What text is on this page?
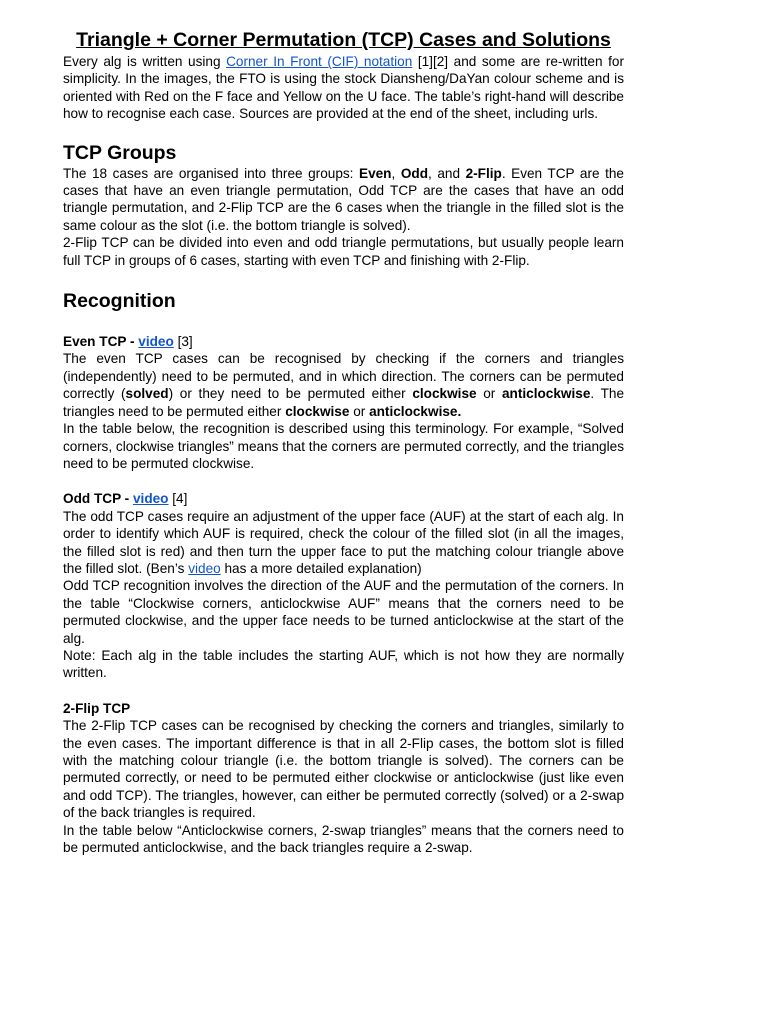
Triangle + Corner Permutation (TCP) Cases and Solutions

Every alg is written using Corner In Front (CIF) notation [1][2] and some are re-written for simplicity. In the images, the FTO is using the stock Diansheng/DaYan colour scheme and is oriented with Red on the F face and Yellow on the U face. The table’s right-hand will describe how to recognise each case. Sources are provided at the end of the sheet, including urls.

TCP Groups

The 18 cases are organised into three groups: Even, Odd, and 2-Flip. Even TCP are the cases that have an even triangle permutation, Odd TCP are the cases that have an odd triangle permutation, and 2-Flip TCP are the 6 cases when the triangle in the filled slot is the same colour as the slot (i.e. the bottom triangle is solved).

2-Flip TCP can be divided into even and odd triangle permutations, but usually people learn full TCP in groups of 6 cases, starting with even TCP and finishing with 2-Flip.

Recognition
Even TCP - video [3]

The even TCP cases can be recognised by checking if the corners and triangles (independently) need to be permuted, and in which direction. The corners can be permuted correctly (solved) or they need to be permuted either clockwise or anticlockwise. The triangles need to be permuted either clockwise or anticlockwise.

In the table below, the recognition is described using this terminology. For example, “Solved corners, clockwise triangles” means that the corners are permuted correctly, and the triangles need to be permuted clockwise.

Odd TCP - video [4]

The odd TCP cases require an adjustment of the upper face (AUF) at the start of each alg. In order to identify which AUF is required, check the colour of the filled slot (in all the images, the filled slot is red) and then turn the upper face to put the matching colour triangle above the filled slot. (Ben’s video has a more detailed explanation)

Odd TCP recognition involves the direction of the AUF and the permutation of the corners. In the table “Clockwise corners, anticlockwise AUF” means that the corners need to be permuted clockwise, and the upper face needs to be turned anticlockwise at the start of the alg.

Note: Each alg in the table includes the starting AUF, which is not how they are normally written.

2-Flip TCP

The 2-Flip TCP cases can be recognised by checking the corners and triangles, similarly to the even cases. The important difference is that in all 2-Flip cases, the bottom slot is filled with the matching colour triangle (i.e. the bottom triangle is solved). The corners can be permuted correctly, or need to be permuted either clockwise or anticlockwise (just like even and odd TCP). The triangles, however, can either be permuted correctly (solved) or a 2-swap of the back triangles is required.

In the table below “Anticlockwise corners, 2-swap triangles” means that the corners need to be permuted anticlockwise, and the back triangles require a 2-swap.
